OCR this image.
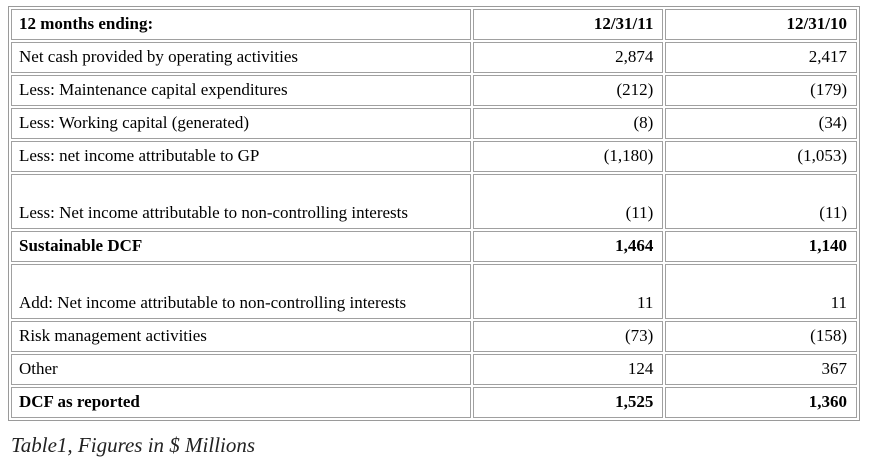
12 months ending:	12/31/11	12/31/10
Net cash provided by operating activities	2,874	2,417
Less: Maintenance capital expenditures	(212)	(179)
Less: Working capital (generated)	(8)	(34)
Less: net income attributable to GP	(1,180)	(1,053)
Less: Net income attributable to non-controlling interests	(11)	(11)
Sustainable DCF	1,464	1,140
Add: Net income attributable to non-controlling interests	11	11
Risk management activities	(73)	(158)
Other	124	367
DCF as reported	1,525	1,360
Table1, Figures in $ Millions
